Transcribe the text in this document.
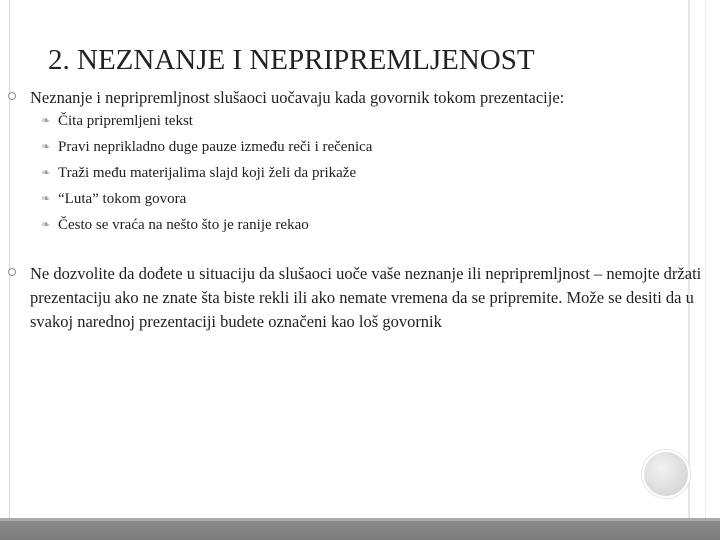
2. NEZNANJE I NEPRIPREMLJENOST
Neznanje i nepripremljnost slušaoci uočavaju kada govornik tokom prezentacije:
❧ Čita pripremljeni tekst
❧ Pravi neprikladno duge pauze između reči i rečenica
❧ Traži među materijalima slajd koji želi da prikaže
❧ “Luta” tokom govora
❧ Često se vraća na nešto što je ranije rekao
Ne dozvolite da dođete u situaciju da slušaoci uoče vaše neznanje ili nepripremljnost – nemojte držati prezentaciju ako ne znate šta biste rekli ili ako nemate vremena da se pripremite. Može se desiti da u svakoj narednoj prezentaciji budete označeni kao loš govornik
